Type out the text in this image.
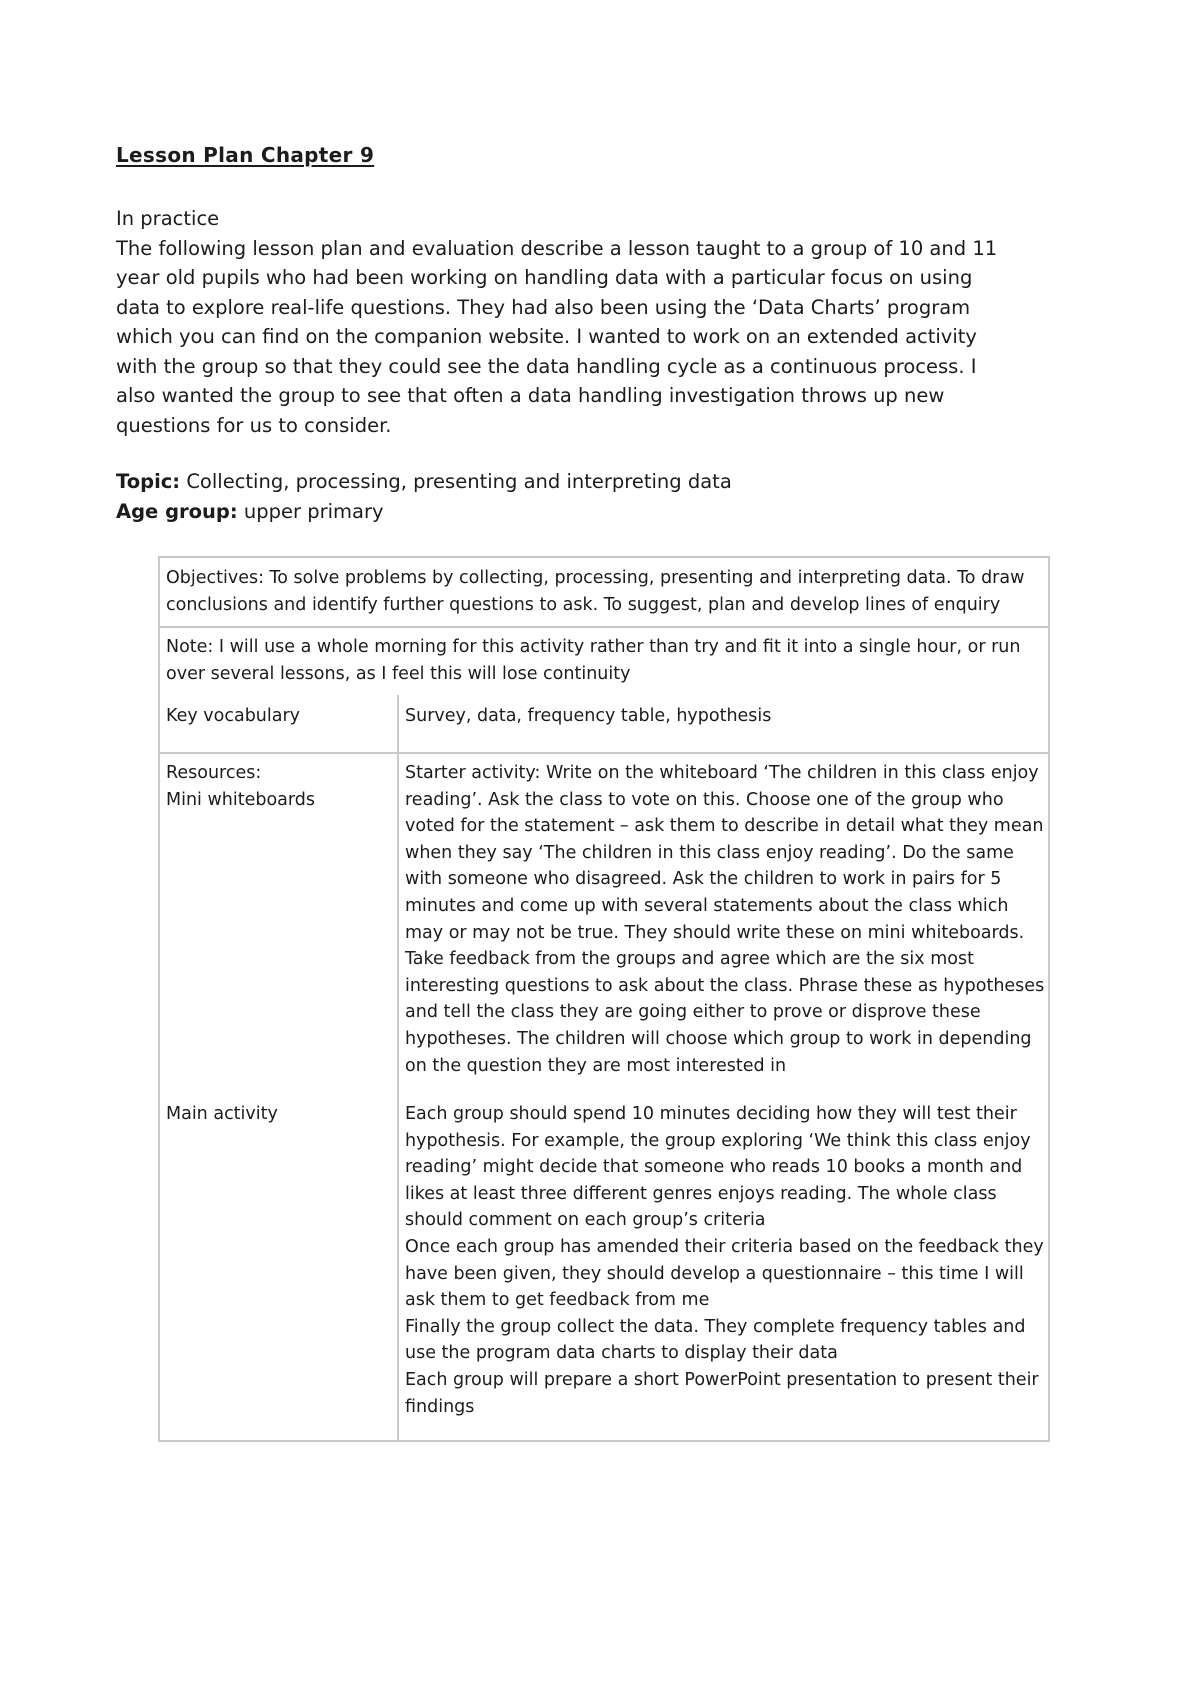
Lesson Plan Chapter 9

In practice

The following lesson plan and evaluation describe a lesson taught to a group of 10 and 11 year old pupils who had been working on handling data with a particular focus on using data to explore real-life questions. They had also been using the ‘Data Charts’ program which you can find on the companion website. I wanted to work on an extended activity with the group so that they could see the data handling cycle as a continuous process. I also wanted the group to see that often a data handling investigation throws up new questions for us to consider.

Topic: Collecting, processing, presenting and interpreting data
Age group: upper primary
Objectives: To solve problems by collecting, processing, presenting and interpreting data. To draw conclusions and identify further questions to ask. To suggest, plan and develop lines of enquiry
Note: I will use a whole morning for this activity rather than try and fit it into a single hour, or run over several lessons, as I feel this will lose continuity
Key vocabulary	Survey, data, frequency table, hypothesis
Resources:
Mini whiteboards
Starter activity: Write on the whiteboard ‘The children in this class enjoy reading’. Ask the class to vote on this. Choose one of the group who voted for the statement – ask them to describe in detail what they mean when they say ‘The children in this class enjoy reading’. Do the same with someone who disagreed. Ask the children to work in pairs for 5 minutes and come up with several statements about the class which may or may not be true. They should write these on mini whiteboards. Take feedback from the groups and agree which are the six most interesting questions to ask about the class. Phrase these as hypotheses and tell the class they are going either to prove or disprove these hypotheses. The children will choose which group to work in depending on the question they are most interested in
Main activity	Each group should spend 10 minutes deciding how they will test their hypothesis. For example, the group exploring ‘We think this class enjoy reading’ might decide that someone who reads 10 books a month and likes at least three different genres enjoys reading. The whole class should comment on each group’s criteria
Once each group has amended their criteria based on the feedback they have been given, they should develop a questionnaire – this time I will ask them to get feedback from me
Finally the group collect the data. They complete frequency tables and use the program data charts to display their data
Each group will prepare a short PowerPoint presentation to present their findings
